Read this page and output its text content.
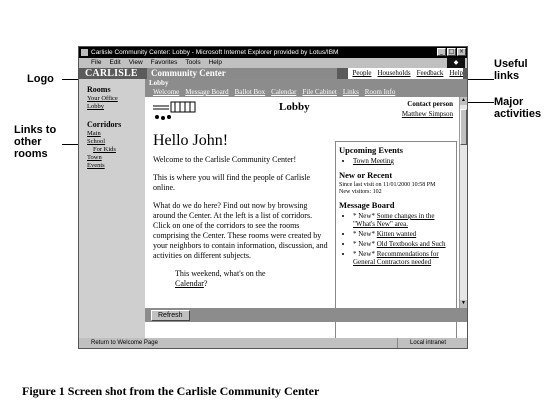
Logo
Useful links
Major activities
Links to other rooms
Carlisle Community Center: Lobby - Microsoft Internet Explorer provided by Lotus/IBM	_ □ ×
File Edit View Favorites Tools Help	◆
CARLISLE	Community Center	People Households Feedback Help
Rooms
Your Office
Lobby
Corridors
Main
School
For Kids
Town
Events
Lobby
Welcome Message Board Ballot Box Calendar File Cabinet Links Room Info
Lobby	Contact person
Matthew Simpson
Hello John!

Welcome to the Carlisle Community Center!

This is where you will find the people of Carlisle online.

What do we do here? Find out now by browsing around the Center. At the left is a list of corridors. Click on one of the corridors to see the rooms comprising the Center. These rooms were created by your neighbors to contain information, discussion, and activities on different subjects.

This weekend, what's on the
Calendar?
Upcoming Events
• Town Meeting
New or Recent
Since last visit on 11/01/2000 10:58 PM
New visitors: 102
Message Board
• * New* Some changes in the "What's New" area.
• * New* Kitten wanted
• * New* Old Textbooks and Such
• * New* Recommendations for General Contractors needed
▲
▼
Refresh
Return to Welcome Page	Local intranet
Figure 1 Screen shot from the Carlisle Community Center
